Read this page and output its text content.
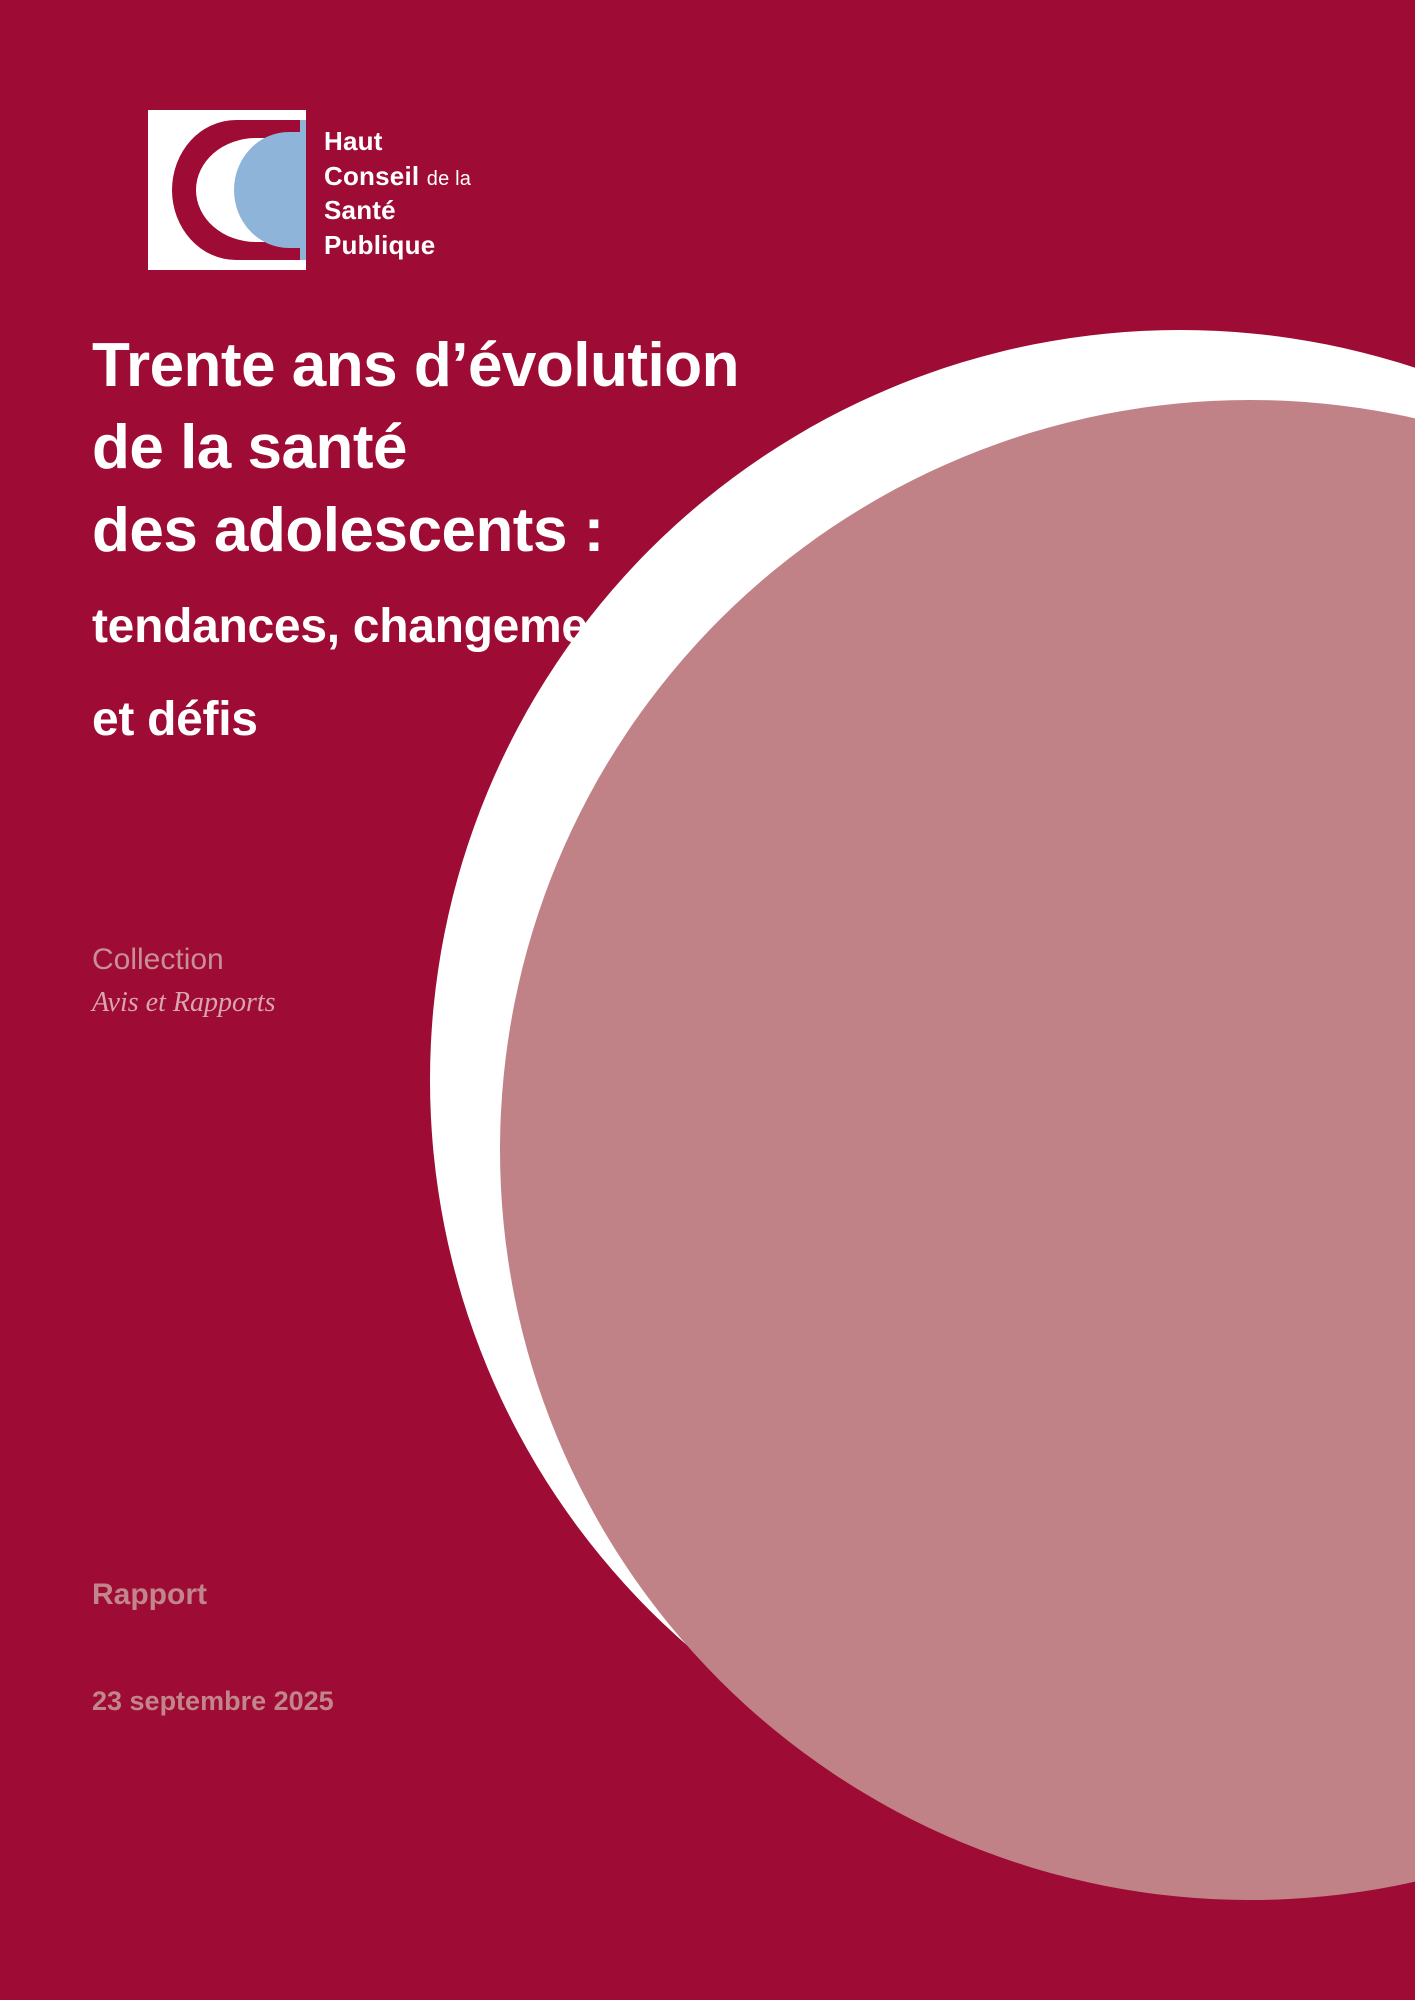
Haut
Conseil de la
Santé
Publique
Trente ans d’évolution
de la santé
des adolescents :
tendances, changements
et défis
Collection
Avis et Rapports
Rapport
23 septembre 2025
